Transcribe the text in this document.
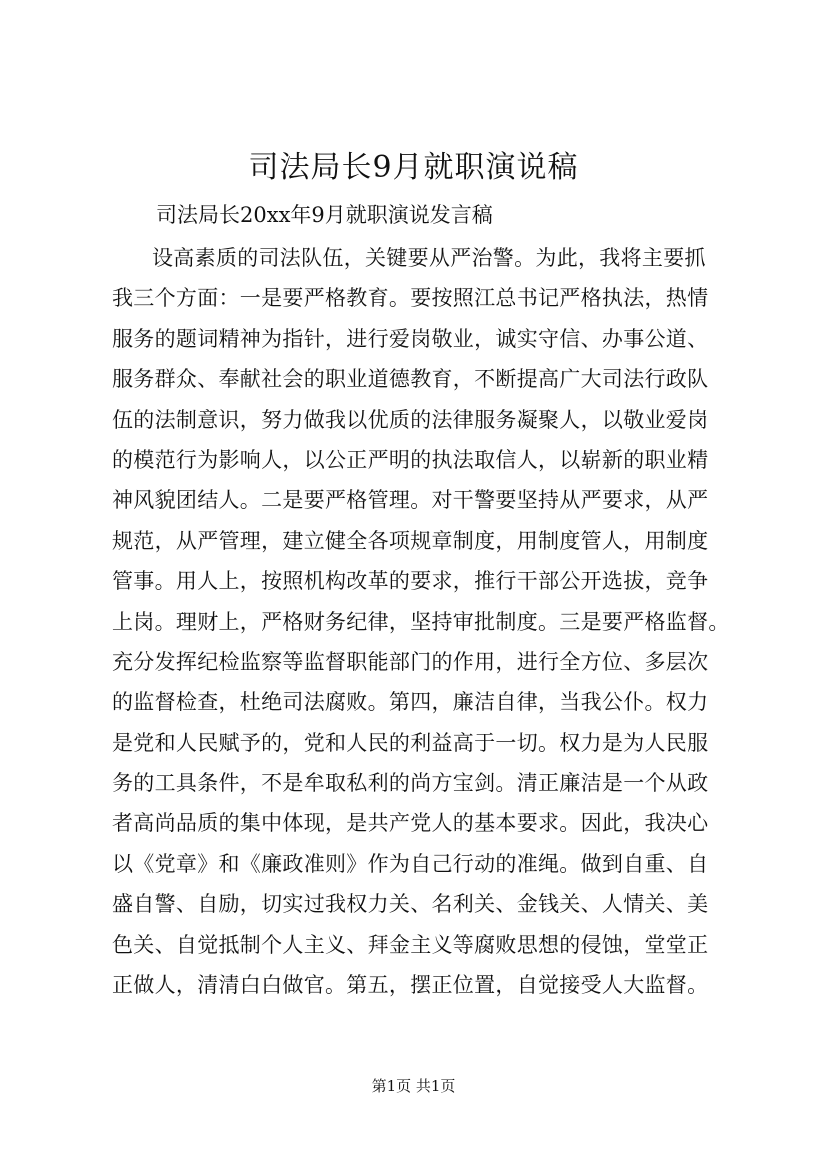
司法局长9月就职演说稿
司法局长20xx年9月就职演说发言稿
设高素质的司法队伍，关键要从严治警。为此，我将主要抓
我三个方面：一是要严格教育。要按照江总书记严格执法，热情
服务的题词精神为指针，进行爱岗敬业，诚实守信、办事公道、
服务群众、奉献社会的职业道德教育，不断提高广大司法行政队
伍的法制意识，努力做我以优质的法律服务凝聚人，以敬业爱岗
的模范行为影响人，以公正严明的执法取信人，以崭新的职业精
神风貌团结人。二是要严格管理。对干警要坚持从严要求，从严
规范，从严管理，建立健全各项规章制度，用制度管人，用制度
管事。用人上，按照机构改革的要求，推行干部公开选拔，竞争
上岗。理财上，严格财务纪律，坚持审批制度。三是要严格监督。
充分发挥纪检监察等监督职能部门的作用，进行全方位、多层次
的监督检查，杜绝司法腐败。第四，廉洁自律，当我公仆。权力
是党和人民赋予的，党和人民的利益高于一切。权力是为人民服
务的工具条件，不是牟取私利的尚方宝剑。清正廉洁是一个从政
者高尚品质的集中体现，是共产党人的基本要求。因此，我决心
以《党章》和《廉政准则》作为自己行动的准绳。做到自重、自
盛自警、自励，切实过我权力关、名利关、金钱关、人情关、美
色关、自觉抵制个人主义、拜金主义等腐败思想的侵蚀，堂堂正
正做人，清清白白做官。第五，摆正位置，自觉接受人大监督。
第1页 共1页
